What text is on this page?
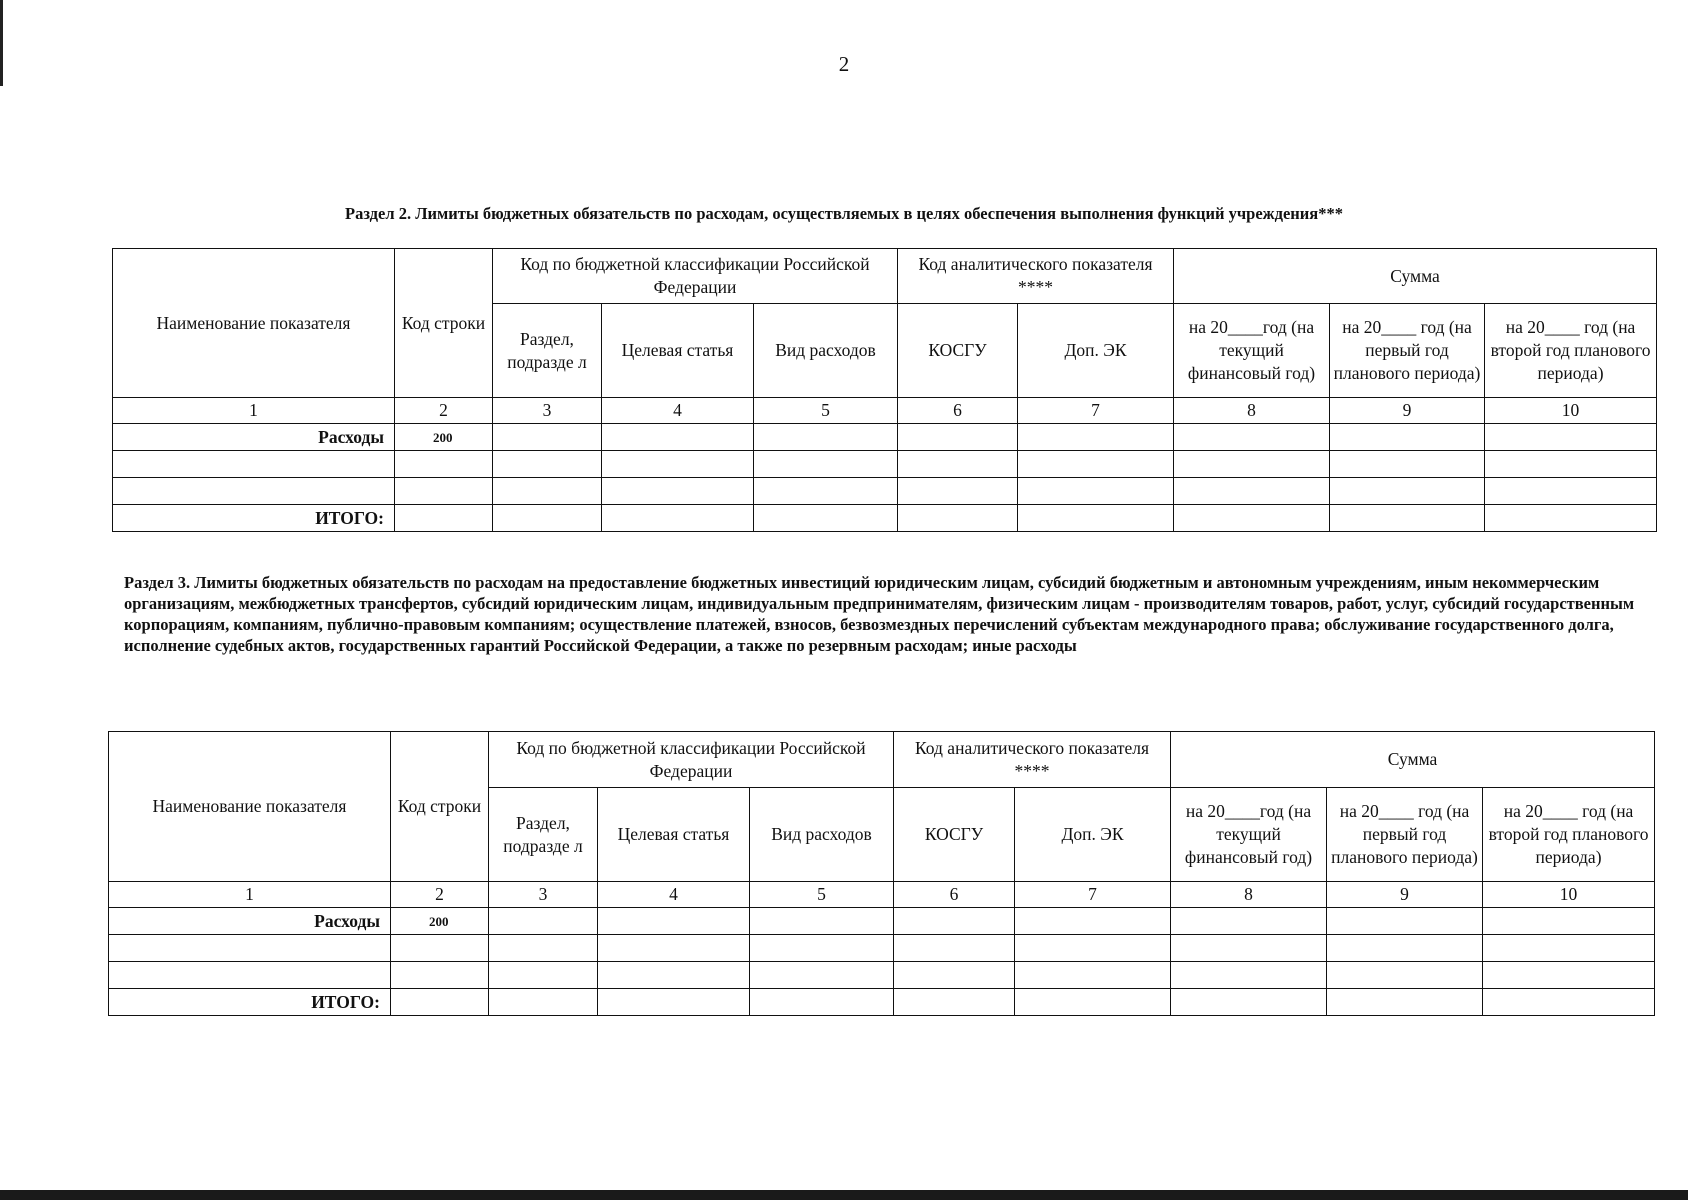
2
Раздел 2. Лимиты бюджетных обязательств по расходам, осуществляемых в целях обеспечения выполнения функций учреждения***
Наименование показателя	Код строки	Код по бюджетной классификации Российской Федерации			Код аналитического показателя ****		Сумма		
		Раздел, подразде л	Целевая статья	Вид расходов	КОСГУ	Доп. ЭК	на 20____год (на текущий финансовый год)	на 20____ год (на первый год планового периода)	на 20____ год (на второй год планового периода)
1	2	3	4	5	6	7	8	9	10
Расходы	200								

ИТОГО:									
Раздел 3. Лимиты бюджетных обязательств по расходам на предоставление бюджетных инвестиций юридическим лицам, субсидий бюджетным и автономным учреждениям, иным некоммерческим организациям, межбюджетных трансфертов, субсидий юридическим лицам, индивидуальным предпринимателям, физическим лицам - производителям товаров, работ, услуг, субсидий государственным корпорациям, компаниям, публично-правовым компаниям; осуществление платежей, взносов, безвозмездных перечислений субъектам международного права; обслуживание государственного долга, исполнение судебных актов, государственных гарантий Российской Федерации, а также по резервным расходам; иные расходы
Наименование показателя	Код строки	Код по бюджетной классификации Российской Федерации			Код аналитического показателя ****		Сумма		
		Раздел, подразде л	Целевая статья	Вид расходов	КОСГУ	Доп. ЭК	на 20____год (на текущий финансовый год)	на 20____ год (на первый год планового периода)	на 20____ год (на второй год планового периода)
1	2	3	4	5	6	7	8	9	10
Расходы	200								

ИТОГО:									
